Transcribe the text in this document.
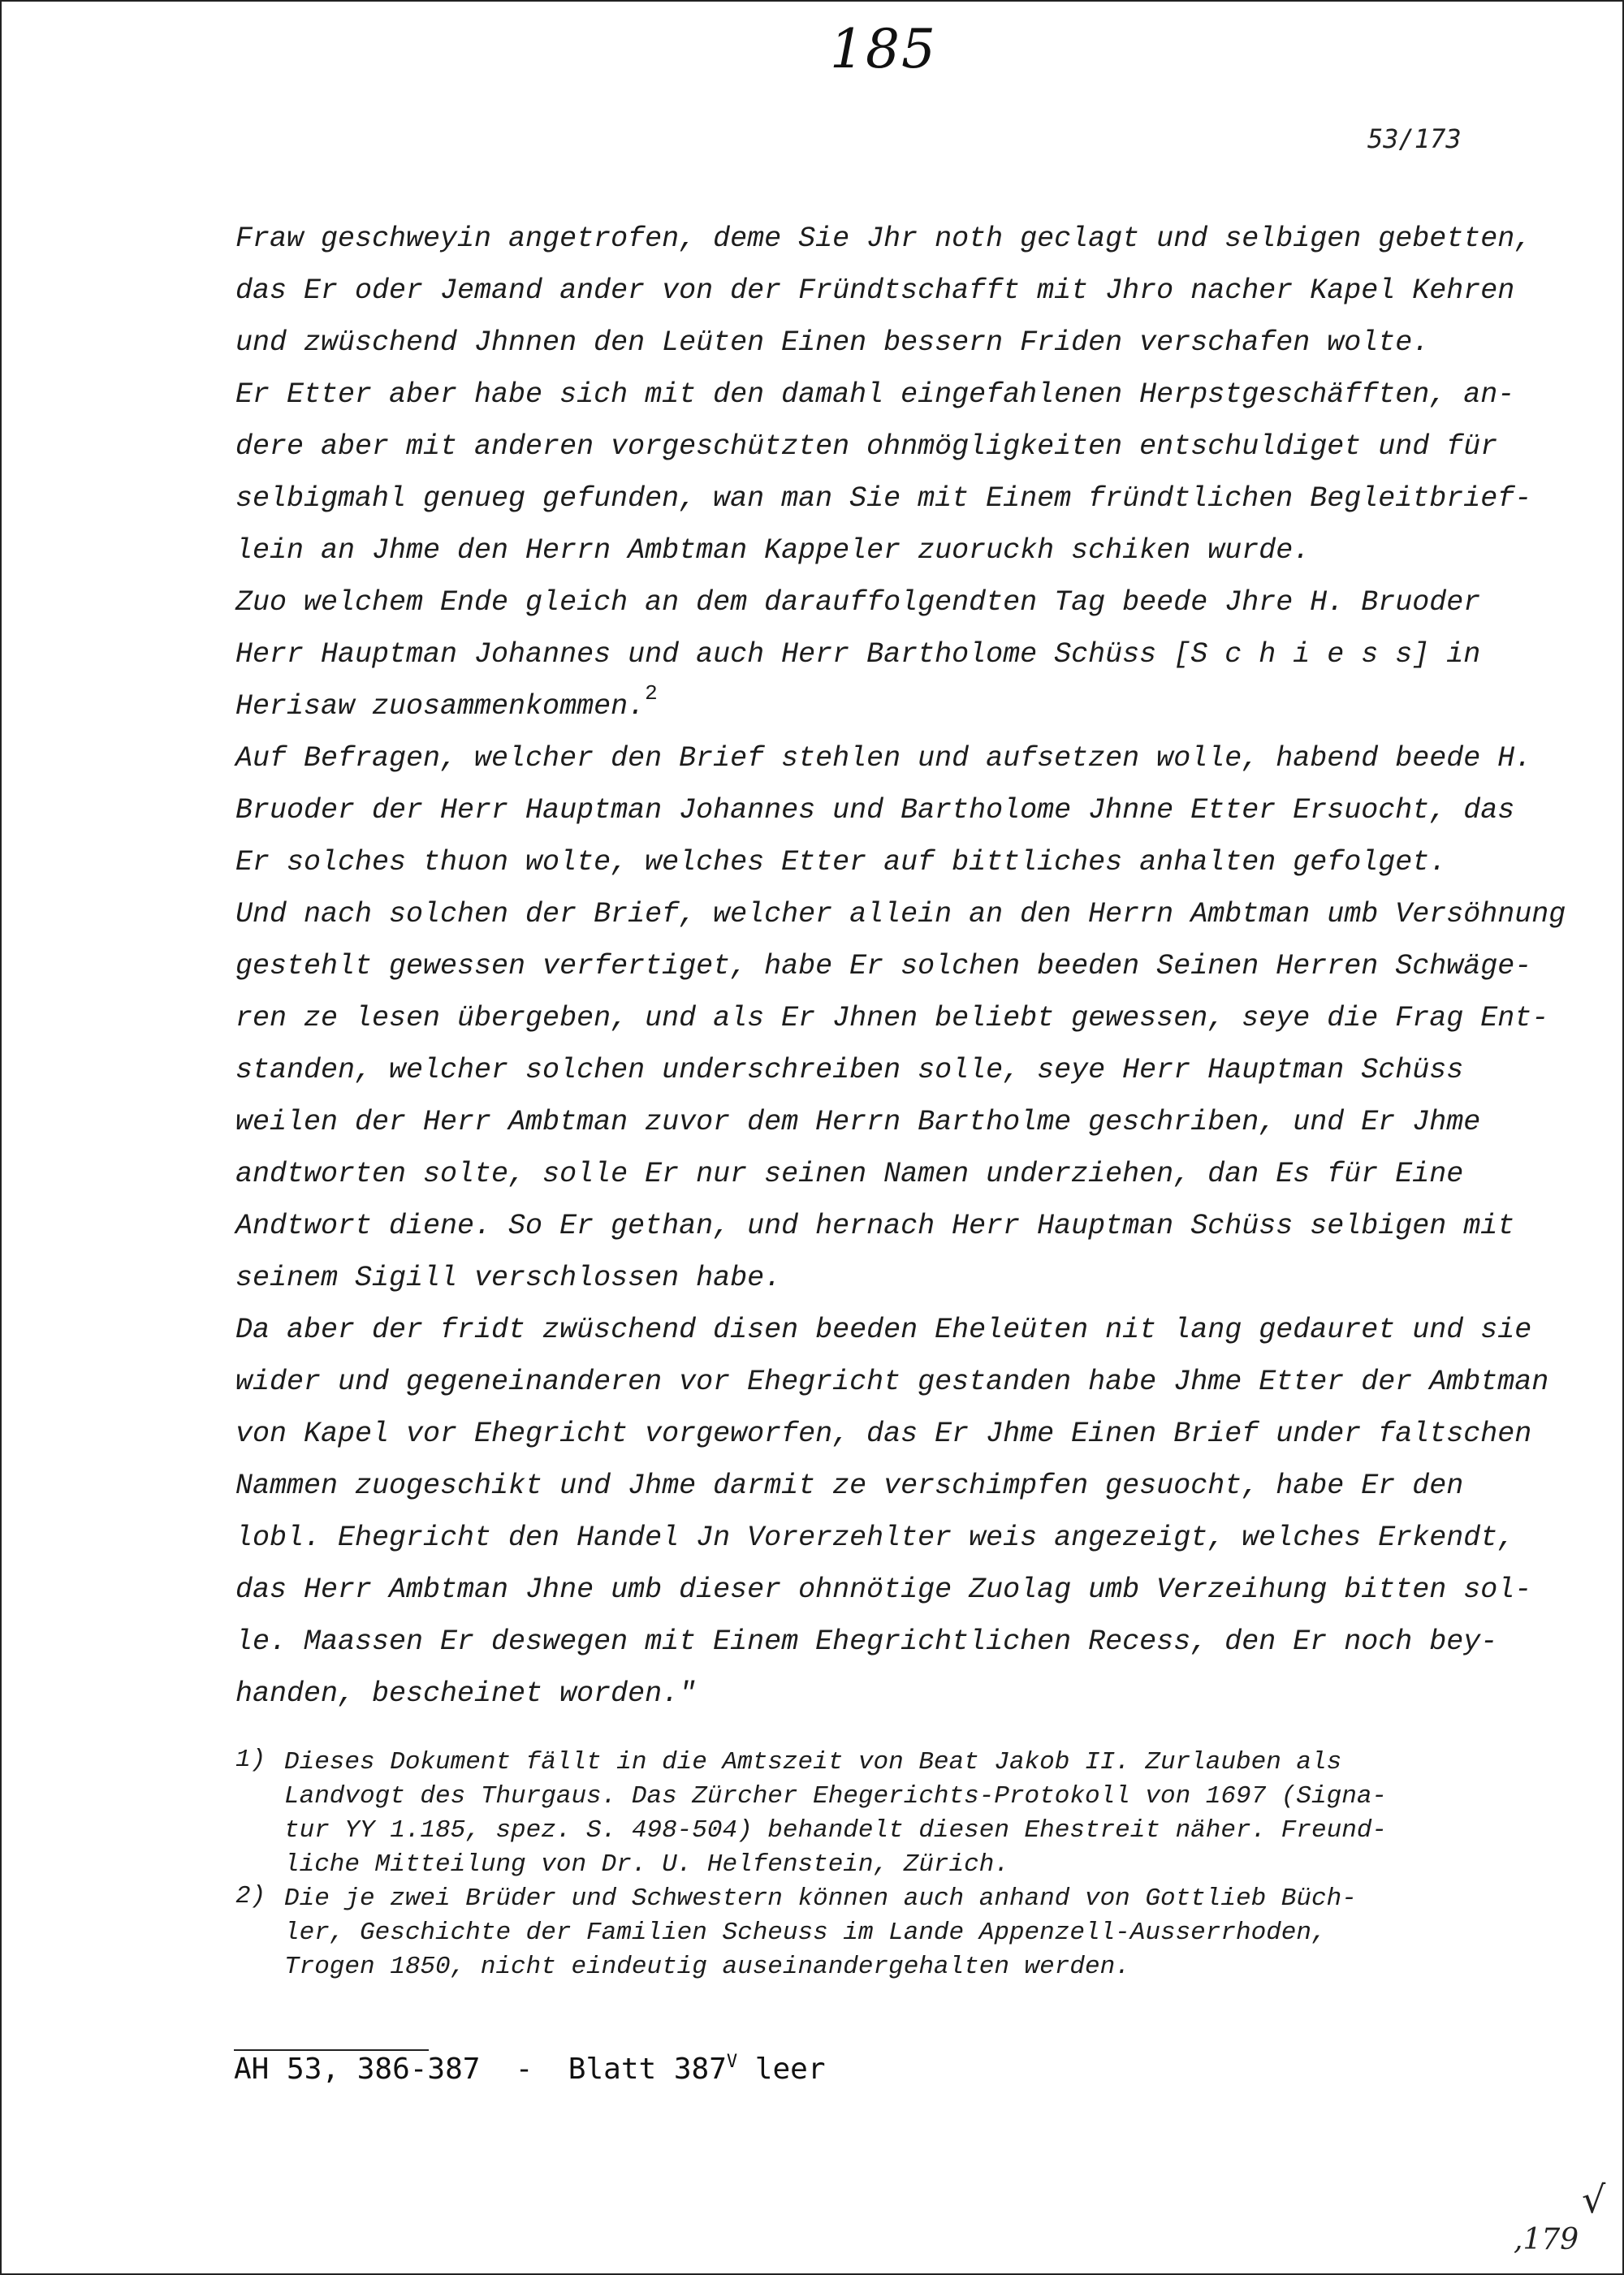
185
53/173
Fraw geschweyin angetrofen, deme Sie Jhr noth geclagt und selbigen gebetten,
das Er oder Jemand ander von der Fründtschafft mit Jhro nacher Kapel Kehren
und zwüschend Jhnnen den Leüten Einen bessern Friden verschafen wolte.
Er Etter aber habe sich mit den damahl eingefahlenen Herpstgeschäfften, an-
dere aber mit anderen vorgeschützten ohnmögligkeiten entschuldiget und für
selbigmahl genueg gefunden, wan man Sie mit Einem fründtlichen Begleitbrief-
lein an Jhme den Herrn Ambtman Kappeler zuoruckh schiken wurde.
Zuo welchem Ende gleich an dem darauffolgendten Tag beede Jhre H. Bruoder
Herr Hauptman Johannes und auch Herr Bartholome Schüss [S c h i e s s] in
Herisaw zuosammenkommen.$^2$
Auf Befragen, welcher den Brief stehlen und aufsetzen wolle, habend beede H.
Bruoder der Herr Hauptman Johannes und Bartholome Jhnne Etter Ersuocht, das
Er solches thuon wolte, welches Etter auf bittliches anhalten gefolget.
Und nach solchen der Brief, welcher allein an den Herrn Ambtman umb Versöhnung
gestehlt gewessen verfertiget, habe Er solchen beeden Seinen Herren Schwäge-
ren ze lesen übergeben, und als Er Jhnen beliebt gewessen, seye die Frag Ent-
standen, welcher solchen underschreiben solle, seye Herr Hauptman Schüss
weilen der Herr Ambtman zuvor dem Herrn Bartholme geschriben, und Er Jhme
andtworten solte, solle Er nur seinen Namen underziehen, dan Es für Eine
Andtwort diene. So Er gethan, und hernach Herr Hauptman Schüss selbigen mit
seinem Sigill verschlossen habe.
Da aber der fridt zwüschend disen beeden Eheleüten nit lang gedauret und sie
wider und gegeneinanderen vor Ehegricht gestanden habe Jhme Etter der Ambtman
von Kapel vor Ehegricht vorgeworfen, das Er Jhme Einen Brief under faltschen
Nammen zuogeschikt und Jhme darmit ze verschimpfen gesuocht, habe Er den
lobl. Ehegricht den Handel Jn Vorerzehlter weis angezeigt, welches Erkendt,
das Herr Ambtman Jhne umb dieser ohnnötige Zuolag umb Verzeihung bitten sol-
le. Maassen Er deswegen mit Einem Ehegrichtlichen Recess, den Er noch bey-
handen, bescheinet worden."
1) Dieses Dokument fällt in die Amtszeit von Beat Jakob II. Zurlauben als
Landvogt des Thurgaus. Das Zürcher Ehegerichts-Protokoll von 1697 (Signa-
tur YY 1.185, spez. S. 498-504) behandelt diesen Ehestreit näher. Freund-
liche Mitteilung von Dr. U. Helfenstein, Zürich.
2) Die je zwei Brüder und Schwestern können auch anhand von Gottlieb Büch-
ler, Geschichte der Familien Scheuss im Lande Appenzell-Ausserrhoden,
Trogen 1850, nicht eindeutig auseinandergehalten werden.
AH 53, 386-387  -  Blatt $387^V$ leer
√
,179
